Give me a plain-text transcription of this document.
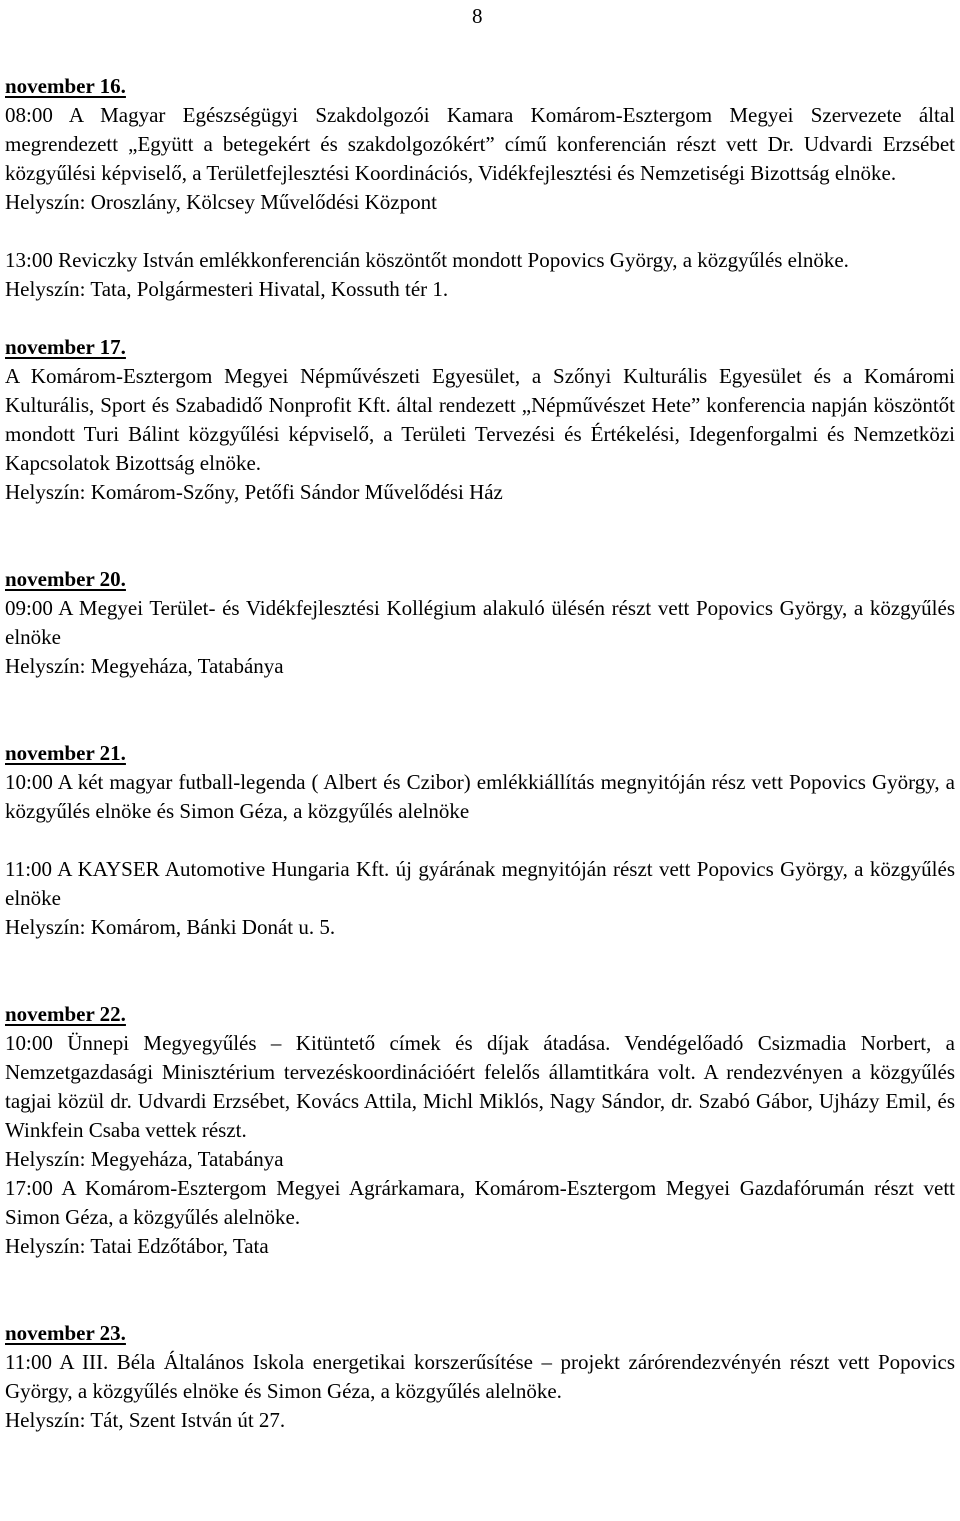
8

november 16.

08:00 A Magyar Egészségügyi Szakdolgozói Kamara Komárom-Esztergom Megyei Szervezete által megrendezett „Együtt a betegekért és szakdolgozókért” című konferencián részt vett Dr. Udvardi Erzsébet közgyűlési képviselő, a Területfejlesztési Koordinációs, Vidékfejlesztési és Nemzetiségi Bizottság elnöke.

Helyszín: Oroszlány, Kölcsey Művelődési Központ

13:00 Reviczky István emlékkonferencián köszöntőt mondott Popovics György, a közgyűlés elnöke.

Helyszín: Tata, Polgármesteri Hivatal, Kossuth tér 1.

november 17.

A Komárom-Esztergom Megyei Népművészeti Egyesület, a Szőnyi Kulturális Egyesület és a Komáromi Kulturális, Sport és Szabadidő Nonprofit Kft. által rendezett „Népművészet Hete” konferencia napján köszöntőt mondott Turi Bálint közgyűlési képviselő, a Területi Tervezési és Értékelési, Idegenforgalmi és Nemzetközi Kapcsolatok Bizottság elnöke.

Helyszín: Komárom-Szőny, Petőfi Sándor Művelődési Ház

november 20.

09:00 A Megyei Terület- és Vidékfejlesztési Kollégium alakuló ülésén részt vett Popovics György, a közgyűlés elnöke

Helyszín: Megyeháza, Tatabánya

november 21.

10:00 A két magyar futball-legenda ( Albert és Czibor) emlékkiállítás megnyitóján rész vett Popovics György, a közgyűlés elnöke és Simon Géza, a közgyűlés alelnöke

11:00 A KAYSER Automotive Hungaria Kft. új gyárának megnyitóján részt vett Popovics György, a közgyűlés elnöke

Helyszín: Komárom, Bánki Donát u. 5.

november 22.

10:00 Ünnepi Megyegyűlés – Kitüntető címek és díjak átadása. Vendégelőadó Csizmadia Norbert, a Nemzetgazdasági Minisztérium tervezéskoordinációért felelős államtitkára volt. A rendezvényen a közgyűlés tagjai közül dr. Udvardi Erzsébet, Kovács Attila, Michl Miklós, Nagy Sándor, dr. Szabó Gábor, Ujházy Emil, és Winkfein Csaba vettek részt.

Helyszín: Megyeháza, Tatabánya

17:00 A Komárom-Esztergom Megyei Agrárkamara, Komárom-Esztergom Megyei Gazdafórumán részt vett Simon Géza, a közgyűlés alelnöke.

Helyszín: Tatai Edzőtábor, Tata

november 23.

11:00 A III. Béla Általános Iskola energetikai korszerűsítése – projekt zárórendezvényén részt vett Popovics György, a közgyűlés elnöke és Simon Géza, a közgyűlés alelnöke.

Helyszín: Tát, Szent István út 27.
